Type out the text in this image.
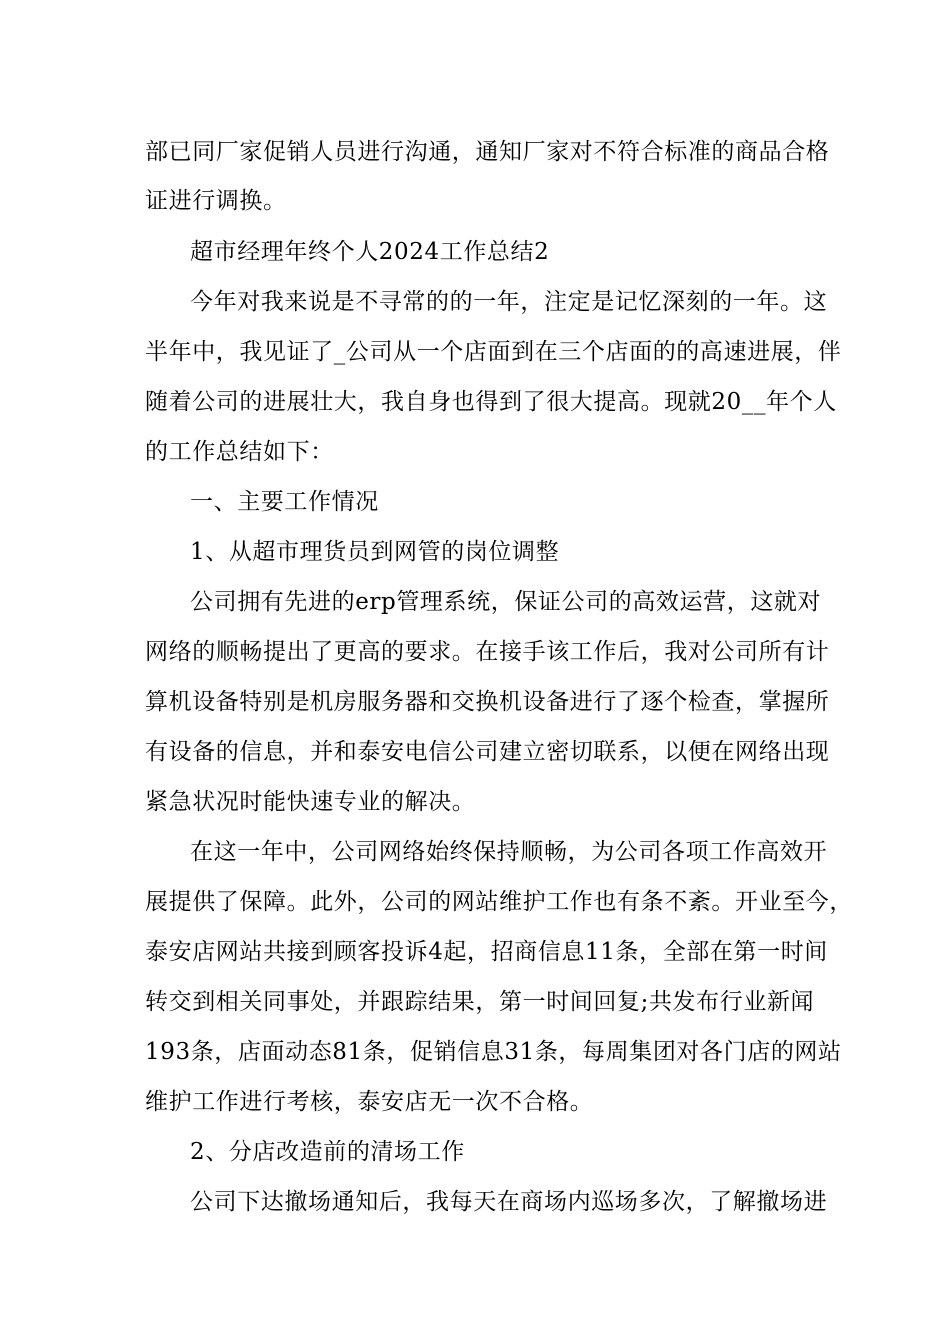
部已同厂家促销人员进行沟通，通知厂家对不符合标准的商品合格
证进行调换。
超市经理年终个人2024工作总结2
今年对我来说是不寻常的的一年，注定是记忆深刻的一年。这
半年中，我见证了_公司从一个店面到在三个店面的的高速进展，伴
随着公司的进展壮大，我自身也得到了很大提高。现就20__年个人
的工作总结如下：
一、主要工作情况
1、从超市理货员到网管的岗位调整
公司拥有先进的erp管理系统，保证公司的高效运营，这就对
网络的顺畅提出了更高的要求。在接手该工作后，我对公司所有计
算机设备特别是机房服务器和交换机设备进行了逐个检查，掌握所
有设备的信息，并和泰安电信公司建立密切联系，以便在网络出现
紧急状况时能快速专业的解决。
在这一年中，公司网络始终保持顺畅，为公司各项工作高效开
展提供了保障。此外，公司的网站维护工作也有条不紊。开业至今，
泰安店网站共接到顾客投诉4起，招商信息11条，全部在第一时间
转交到相关同事处，并跟踪结果，第一时间回复;共发布行业新闻
193条，店面动态81条，促销信息31条，每周集团对各门店的网站
维护工作进行考核，泰安店无一次不合格。
2、分店改造前的清场工作
公司下达撤场通知后，我每天在商场内巡场多次，了解撤场进
